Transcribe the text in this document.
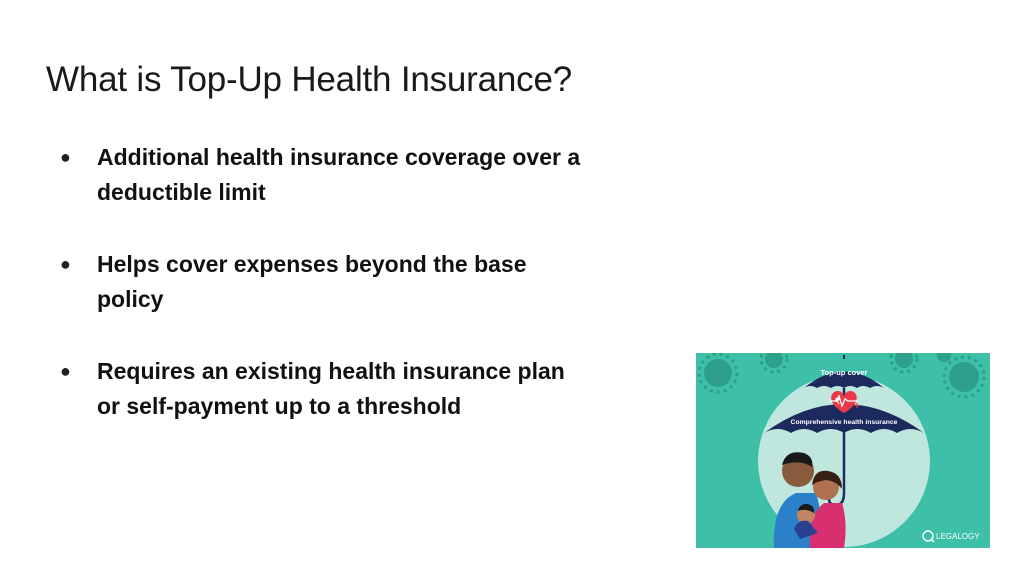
What is Top-Up Health Insurance?
● Additional health insurance coverage over a
deductible limit
● Helps cover expenses beyond the base
policy
● Requires an existing health insurance plan
or self-payment up to a threshold	₹ +
Top-up cover
Comprehensive health insurance
LEGALOGY
